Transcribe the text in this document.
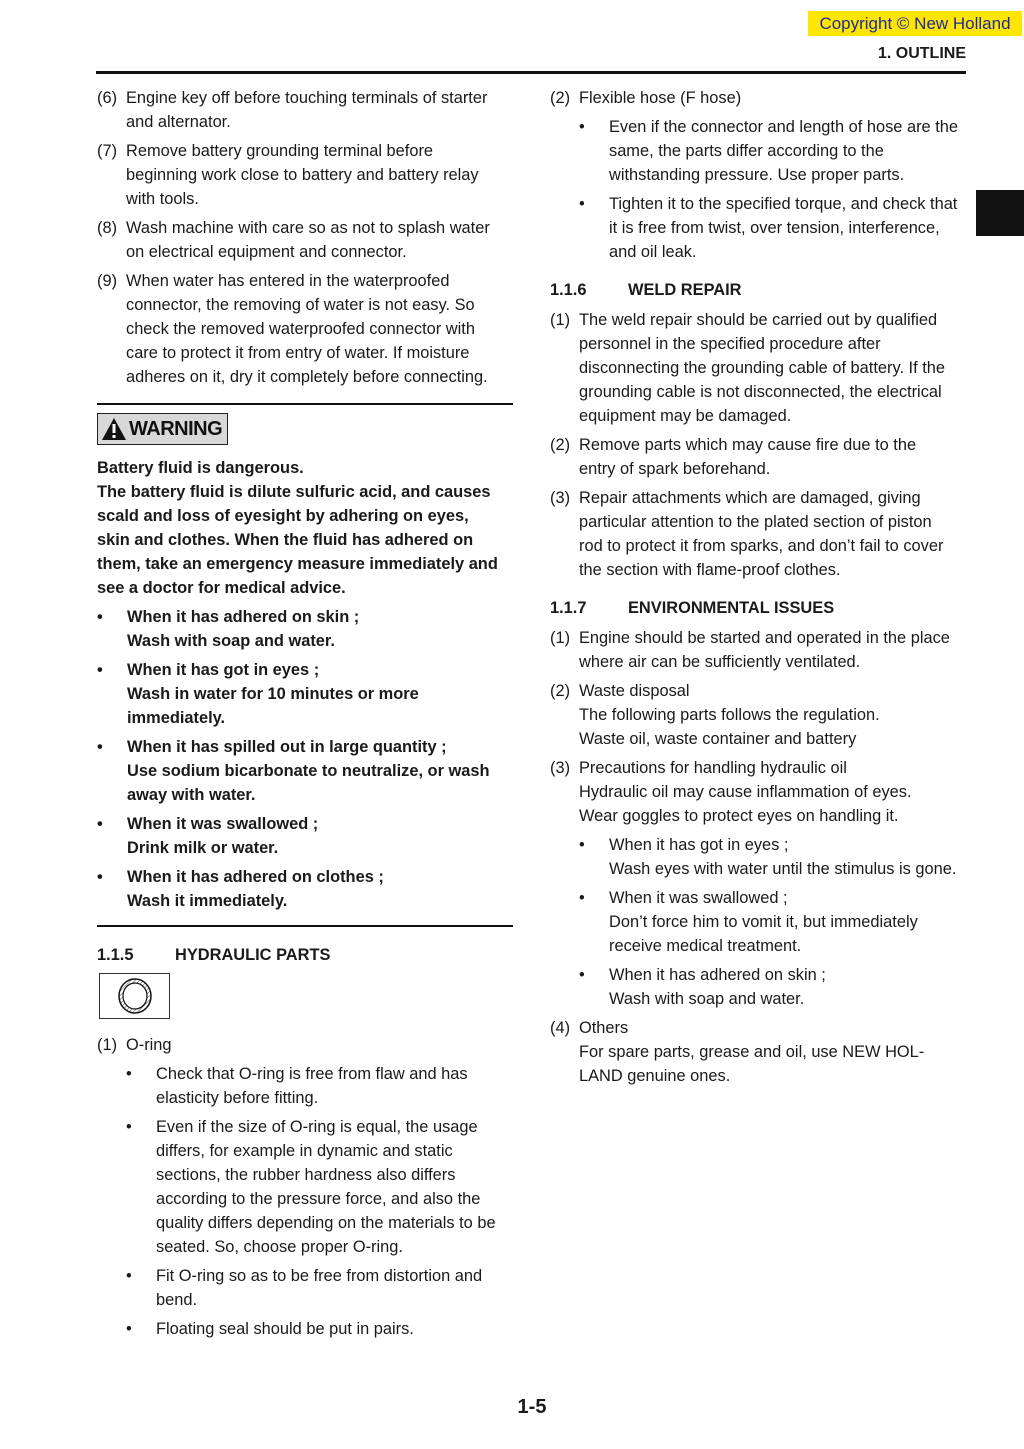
Copyright © New Holland
1. OUTLINE
(6) Engine key off before touching terminals of starter
and alternator.
(7) Remove battery grounding terminal before
beginning work close to battery and battery relay
with tools.
(8) Wash machine with care so as not to splash water
on electrical equipment and connector.
(9) When water has entered in the waterproofed
connector, the removing of water is not easy. So
check the removed waterproofed connector with
care to protect it from entry of water. If moisture
adheres on it, dry it completely before connecting.
WARNING
Battery fluid is dangerous.
The battery fluid is dilute sulfuric acid, and causes
scald and loss of eyesight by adhering on eyes,
skin and clothes. When the fluid has adhered on
them, take an emergency measure immediately and
see a doctor for medical advice.
•	When it has adhered on skin ;
Wash with soap and water.
•	When it has got in eyes ;
Wash in water for 10 minutes or more
immediately.
•	When it has spilled out in large quantity ;
Use sodium bicarbonate to neutralize, or wash
away with water.
•	When it was swallowed ;
Drink milk or water.
•	When it has adhered on clothes ;
Wash it immediately.
1.1.5	HYDRAULIC PARTS
(1) O-ring
•	Check that O-ring is free from flaw and has
elasticity before fitting.
•	Even if the size of O-ring is equal, the usage
differs, for example in dynamic and static
sections, the rubber hardness also differs
according to the pressure force, and also the
quality differs depending on the materials to be
seated. So, choose proper O-ring.
•	Fit O-ring so as to be free from distortion and
bend.
•	Floating seal should be put in pairs.
(2) Flexible hose (F hose)
•	Even if the connector and length of hose are the
same, the parts differ according to the
withstanding pressure. Use proper parts.
•	Tighten it to the specified torque, and check that
it is free from twist, over tension, interference,
and oil leak.
1.1.6	WELD REPAIR
(1) The weld repair should be carried out by qualified
personnel in the specified procedure after
disconnecting the grounding cable of battery. If the
grounding cable is not disconnected, the electrical
equipment may be damaged.
(2) Remove parts which may cause fire due to the
entry of spark beforehand.
(3) Repair attachments which are damaged, giving
particular attention to the plated section of piston
rod to protect it from sparks, and don’t fail to cover
the section with flame-proof clothes.
1.1.7	ENVIRONMENTAL ISSUES
(1) Engine should be started and operated in the place
where air can be sufficiently ventilated.
(2) Waste disposal
The following parts follows the regulation.
Waste oil, waste container and battery
(3) Precautions for handling hydraulic oil
Hydraulic oil may cause inflammation of eyes.
Wear goggles to protect eyes on handling it.
•	When it has got in eyes ;
Wash eyes with water until the stimulus is gone.
•	When it was swallowed ;
Don’t force him to vomit it, but immediately
receive medical treatment.
•	When it has adhered on skin ;
Wash with soap and water.
(4) Others
For spare parts, grease and oil, use NEW HOL-
LAND genuine ones.
1-5
